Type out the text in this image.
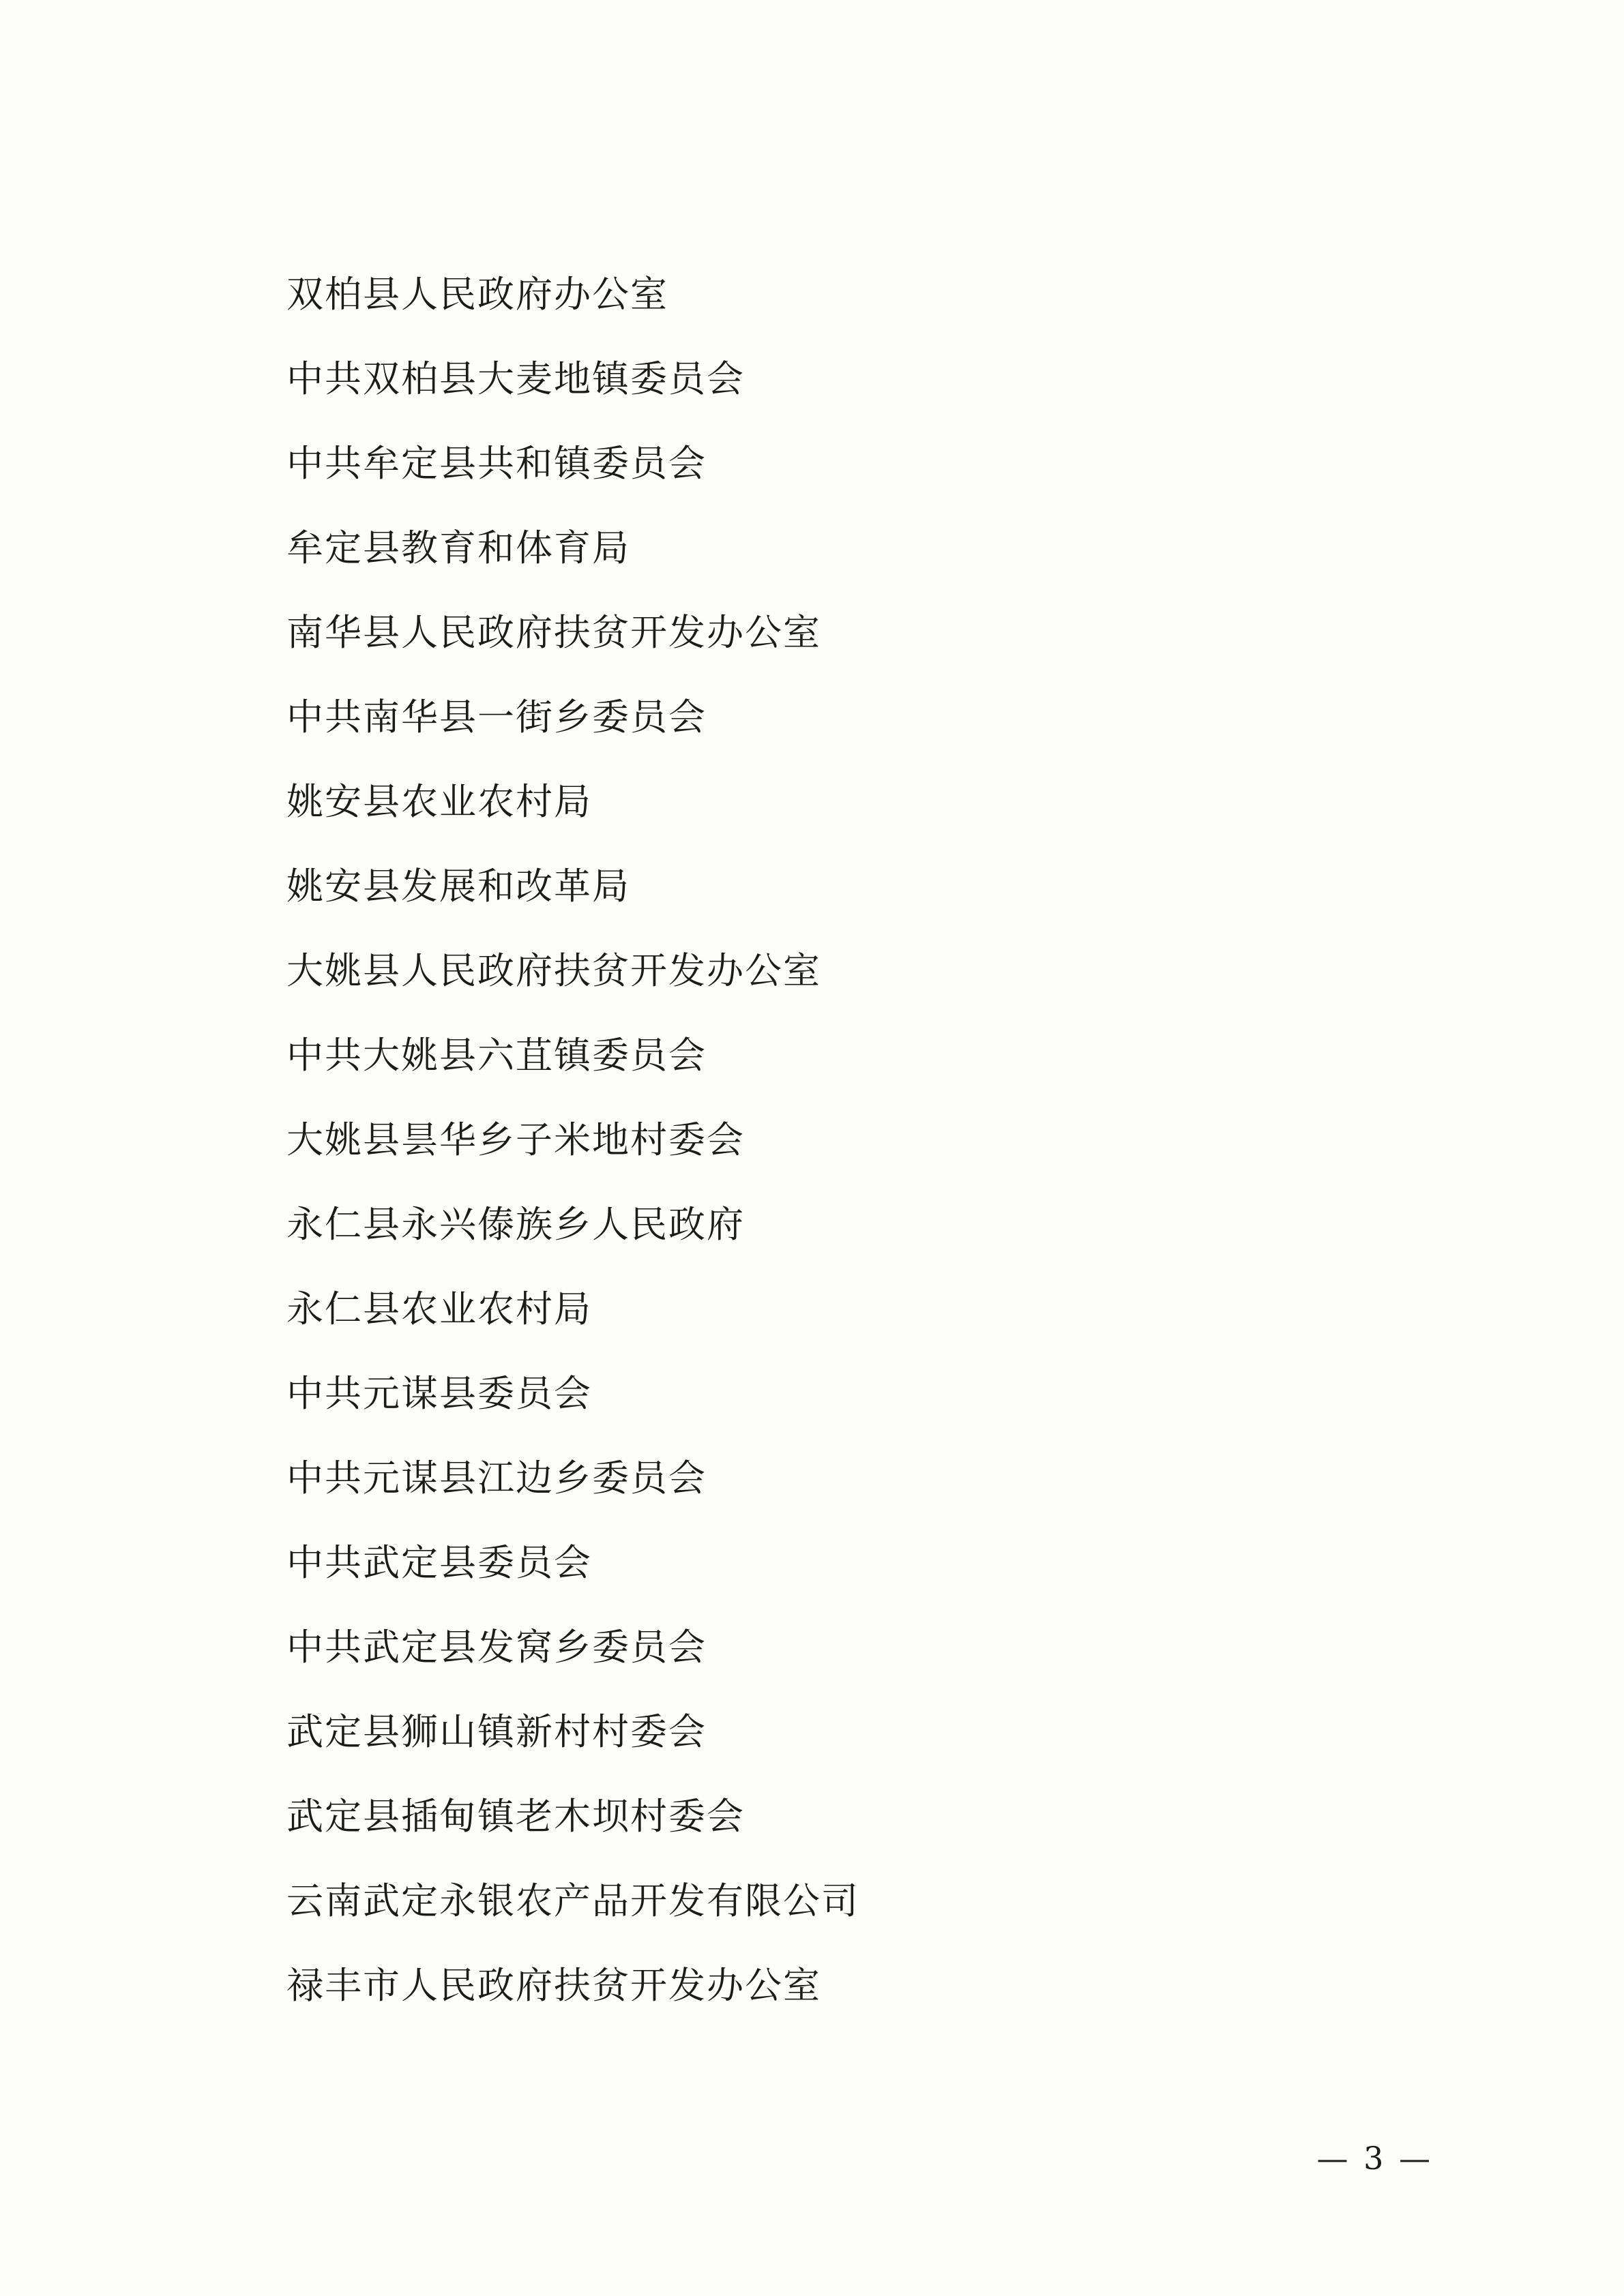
双柏县人民政府办公室
中共双柏县大麦地镇委员会
中共牟定县共和镇委员会
牟定县教育和体育局
南华县人民政府扶贫开发办公室
中共南华县一街乡委员会
姚安县农业农村局
姚安县发展和改革局
大姚县人民政府扶贫开发办公室
中共大姚县六苴镇委员会
大姚县昙华乡子米地村委会
永仁县永兴傣族乡人民政府
永仁县农业农村局
中共元谋县委员会
中共元谋县江边乡委员会
中共武定县委员会
中共武定县发窝乡委员会
武定县狮山镇新村村委会
武定县插甸镇老木坝村委会
云南武定永银农产品开发有限公司
禄丰市人民政府扶贫开发办公室
— 3 —
